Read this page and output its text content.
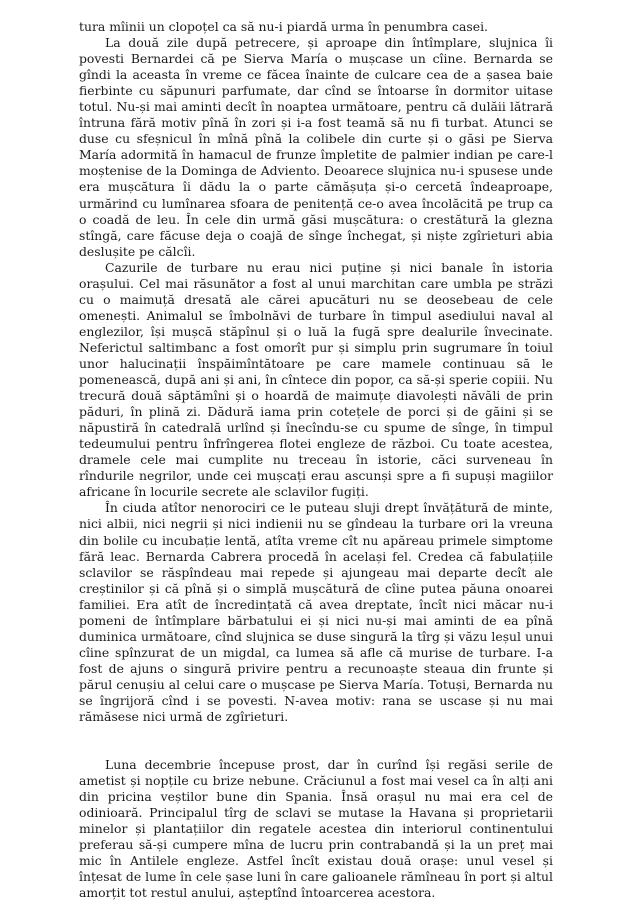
tura mîinii un clopoțel ca să nu-i piardă urma în penumbra casei.

La două zile după petrecere, și aproape din întîmplare, slujnica îi povesti Bernardei că pe Sierva María o mușcase un cîine. Bernarda se gîndi la aceasta în vreme ce făcea înainte de culcare cea de a șasea baie fierbinte cu săpunuri parfumate, dar cînd se întoarse în dormitor uitase totul. Nu-și mai aminti decît în noaptea următoare, pentru că dulăii lătrară întruna fără motiv pînă în zori și i-a fost teamă să nu fi turbat. Atunci se duse cu sfeșnicul în mînă pînă la colibele din curte și o găsi pe Sierva María adormită în hamacul de frunze împletite de palmier indian pe care-l moștenise de la Dominga de Adviento. Deoarece slujnica nu-i spusese unde era mușcătura îi dădu la o parte cămășuța și-o cercetă îndeaproape, urmărind cu lumînarea sfoara de penitență ce-o avea încolăcită pe trup ca o coadă de leu. În cele din urmă găsi mușcătura: o crestătură la glezna stîngă, care făcuse deja o coajă de sînge închegat, și niște zgîrieturi abia deslușite pe călcîi.

Cazurile de turbare nu erau nici puține și nici banale în istoria orașului. Cel mai răsunător a fost al unui marchitan care umbla pe străzi cu o maimuță dresată ale cărei apucături nu se deosebeau de cele omenești. Animalul se îmbolnăvi de turbare în timpul asediului naval al englezilor, își mușcă stăpînul și o luă la fugă spre dealurile învecinate. Neferictul saltimbanc a fost omorît pur și simplu prin sugrumare în toiul unor halucinații înspăimîntătoare pe care mamele continuau să le pomenească, după ani și ani, în cîntece din popor, ca să-și sperie copiii. Nu trecură două săptămîni și o hoardă de maimuțe diavolești năvăli de prin păduri, în plină zi. Dădură iama prin cotețele de porci și de găini și se năpustiră în catedrală urlînd și înecîndu-se cu spume de sînge, în timpul tedeumului pentru înfrîngerea flotei engleze de război. Cu toate acestea, dramele cele mai cumplite nu treceau în istorie, căci surveneau în rîndurile negrilor, unde cei mușcați erau ascunși spre a fi supuși magiilor africane în locurile secrete ale sclavilor fugiți.

În ciuda atîtor nenorociri ce le puteau sluji drept învățătură de minte, nici albii, nici negrii și nici indienii nu se gîndeau la turbare ori la vreuna din bolile cu incubație lentă, atîta vreme cît nu apăreau primele simptome fără leac. Bernarda Cabrera procedă în același fel. Credea că fabulațiile sclavilor se răspîndeau mai repede și ajungeau mai departe decît ale creștinilor și că pînă și o simplă mușcătură de cîine putea păuna onoarei familiei. Era atît de încredințată că avea dreptate, încît nici măcar nu-i pomeni de întîmplare bărbatului ei și nici nu-și mai aminti de ea pînă duminica următoare, cînd slujnica se duse singură la tîrg și văzu leșul unui cîine spînzurat de un migdal, ca lumea să afle că murise de turbare. I-a fost de ajuns o singură privire pentru a recunoaște steaua din frunte și părul cenușiu al celui care o mușcase pe Sierva María. Totuși, Bernarda nu se îngrijoră cînd i se povesti. N-avea motiv: rana se uscase și nu mai rămăsese nici urmă de zgîrieturi.

Luna decembrie începuse prost, dar în curînd își regăsi serile de ametist și nopțile cu brize nebune. Crăciunul a fost mai vesel ca în alți ani din pricina veștilor bune din Spania. Însă orașul nu mai era cel de odinioară. Principalul tîrg de sclavi se mutase la Havana și proprietarii minelor și plantațiilor din regatele acestea din interiorul continentului preferau să-și cumpere mîna de lucru prin contrabandă și la un preț mai mic în Antilele engleze. Astfel încît existau două orașe: unul vesel și înțesat de lume în cele șase luni în care galioanele rămîneau în port și altul amorțit tot restul anului, așteptînd întoarcerea acestora.
